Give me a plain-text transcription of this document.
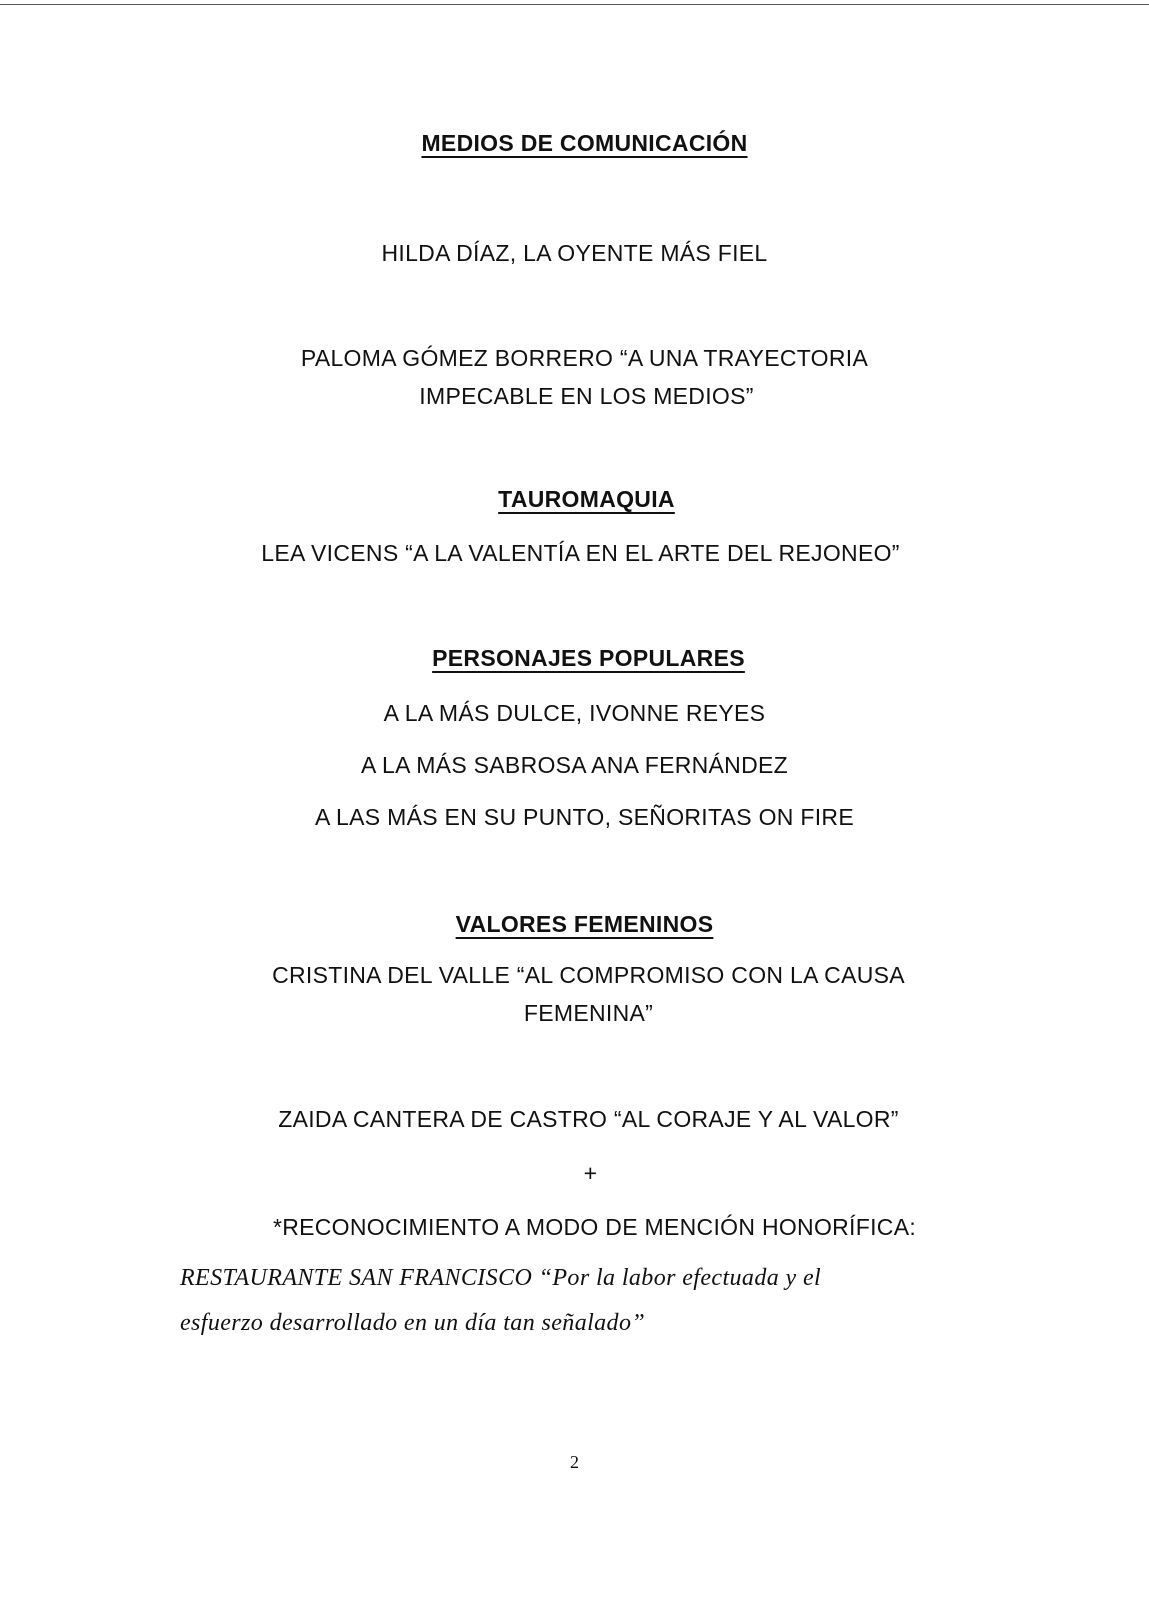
MEDIOS DE COMUNICACIÓN
HILDA DÍAZ, LA OYENTE MÁS FIEL
PALOMA GÓMEZ BORRERO “A UNA TRAYECTORIA
IMPECABLE EN LOS MEDIOS”
TAUROMAQUIA
LEA VICENS “A LA VALENTÍA EN EL ARTE DEL REJONEO”
PERSONAJES POPULARES
A LA MÁS DULCE, IVONNE REYES
A LA MÁS SABROSA ANA FERNÁNDEZ
A LAS MÁS EN SU PUNTO, SEÑORITAS ON FIRE
VALORES FEMENINOS
CRISTINA DEL VALLE “AL COMPROMISO CON LA CAUSA
FEMENINA”
ZAIDA CANTERA DE CASTRO “AL CORAJE Y AL VALOR”
+
*RECONOCIMIENTO A MODO DE MENCIÓN HONORÍFICA:
RESTAURANTE SAN FRANCISCO “Por la labor efectuada y el
esfuerzo desarrollado en un día tan señalado”
2
